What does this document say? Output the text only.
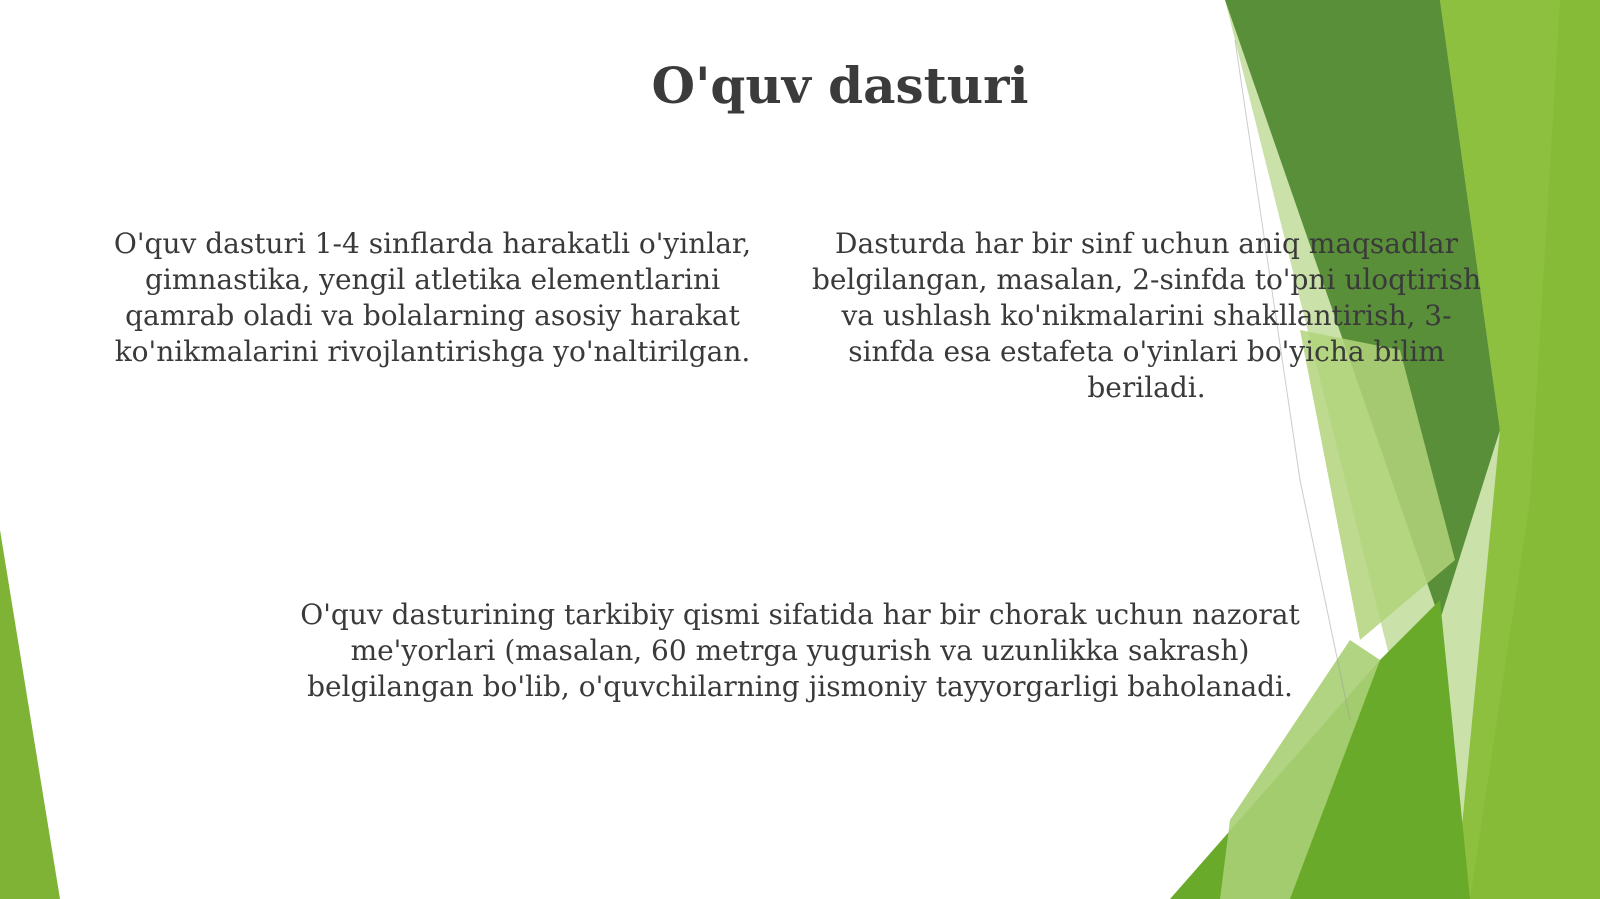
O'quv dasturi

O'quv dasturi 1-4 sinflarda harakatli o'yinlar, gimnastika, yengil atletika elementlarini qamrab oladi va bolalarning asosiy harakat ko'nikmalarini rivojlantirishga yo'naltirilgan.

Dasturda har bir sinf uchun aniq maqsadlar belgilangan, masalan, 2-sinfda to'pni uloqtirish va ushlash ko'nikmalarini shakllantirish, 3-sinfda esa estafeta o'yinlari bo'yicha bilim beriladi.

O'quv dasturining tarkibiy qismi sifatida har bir chorak uchun nazorat me'yorlari (masalan, 60 metrga yugurish va uzunlikka sakrash) belgilangan bo'lib, o'quvchilarning jismoniy tayyorgarligi baholanadi.
